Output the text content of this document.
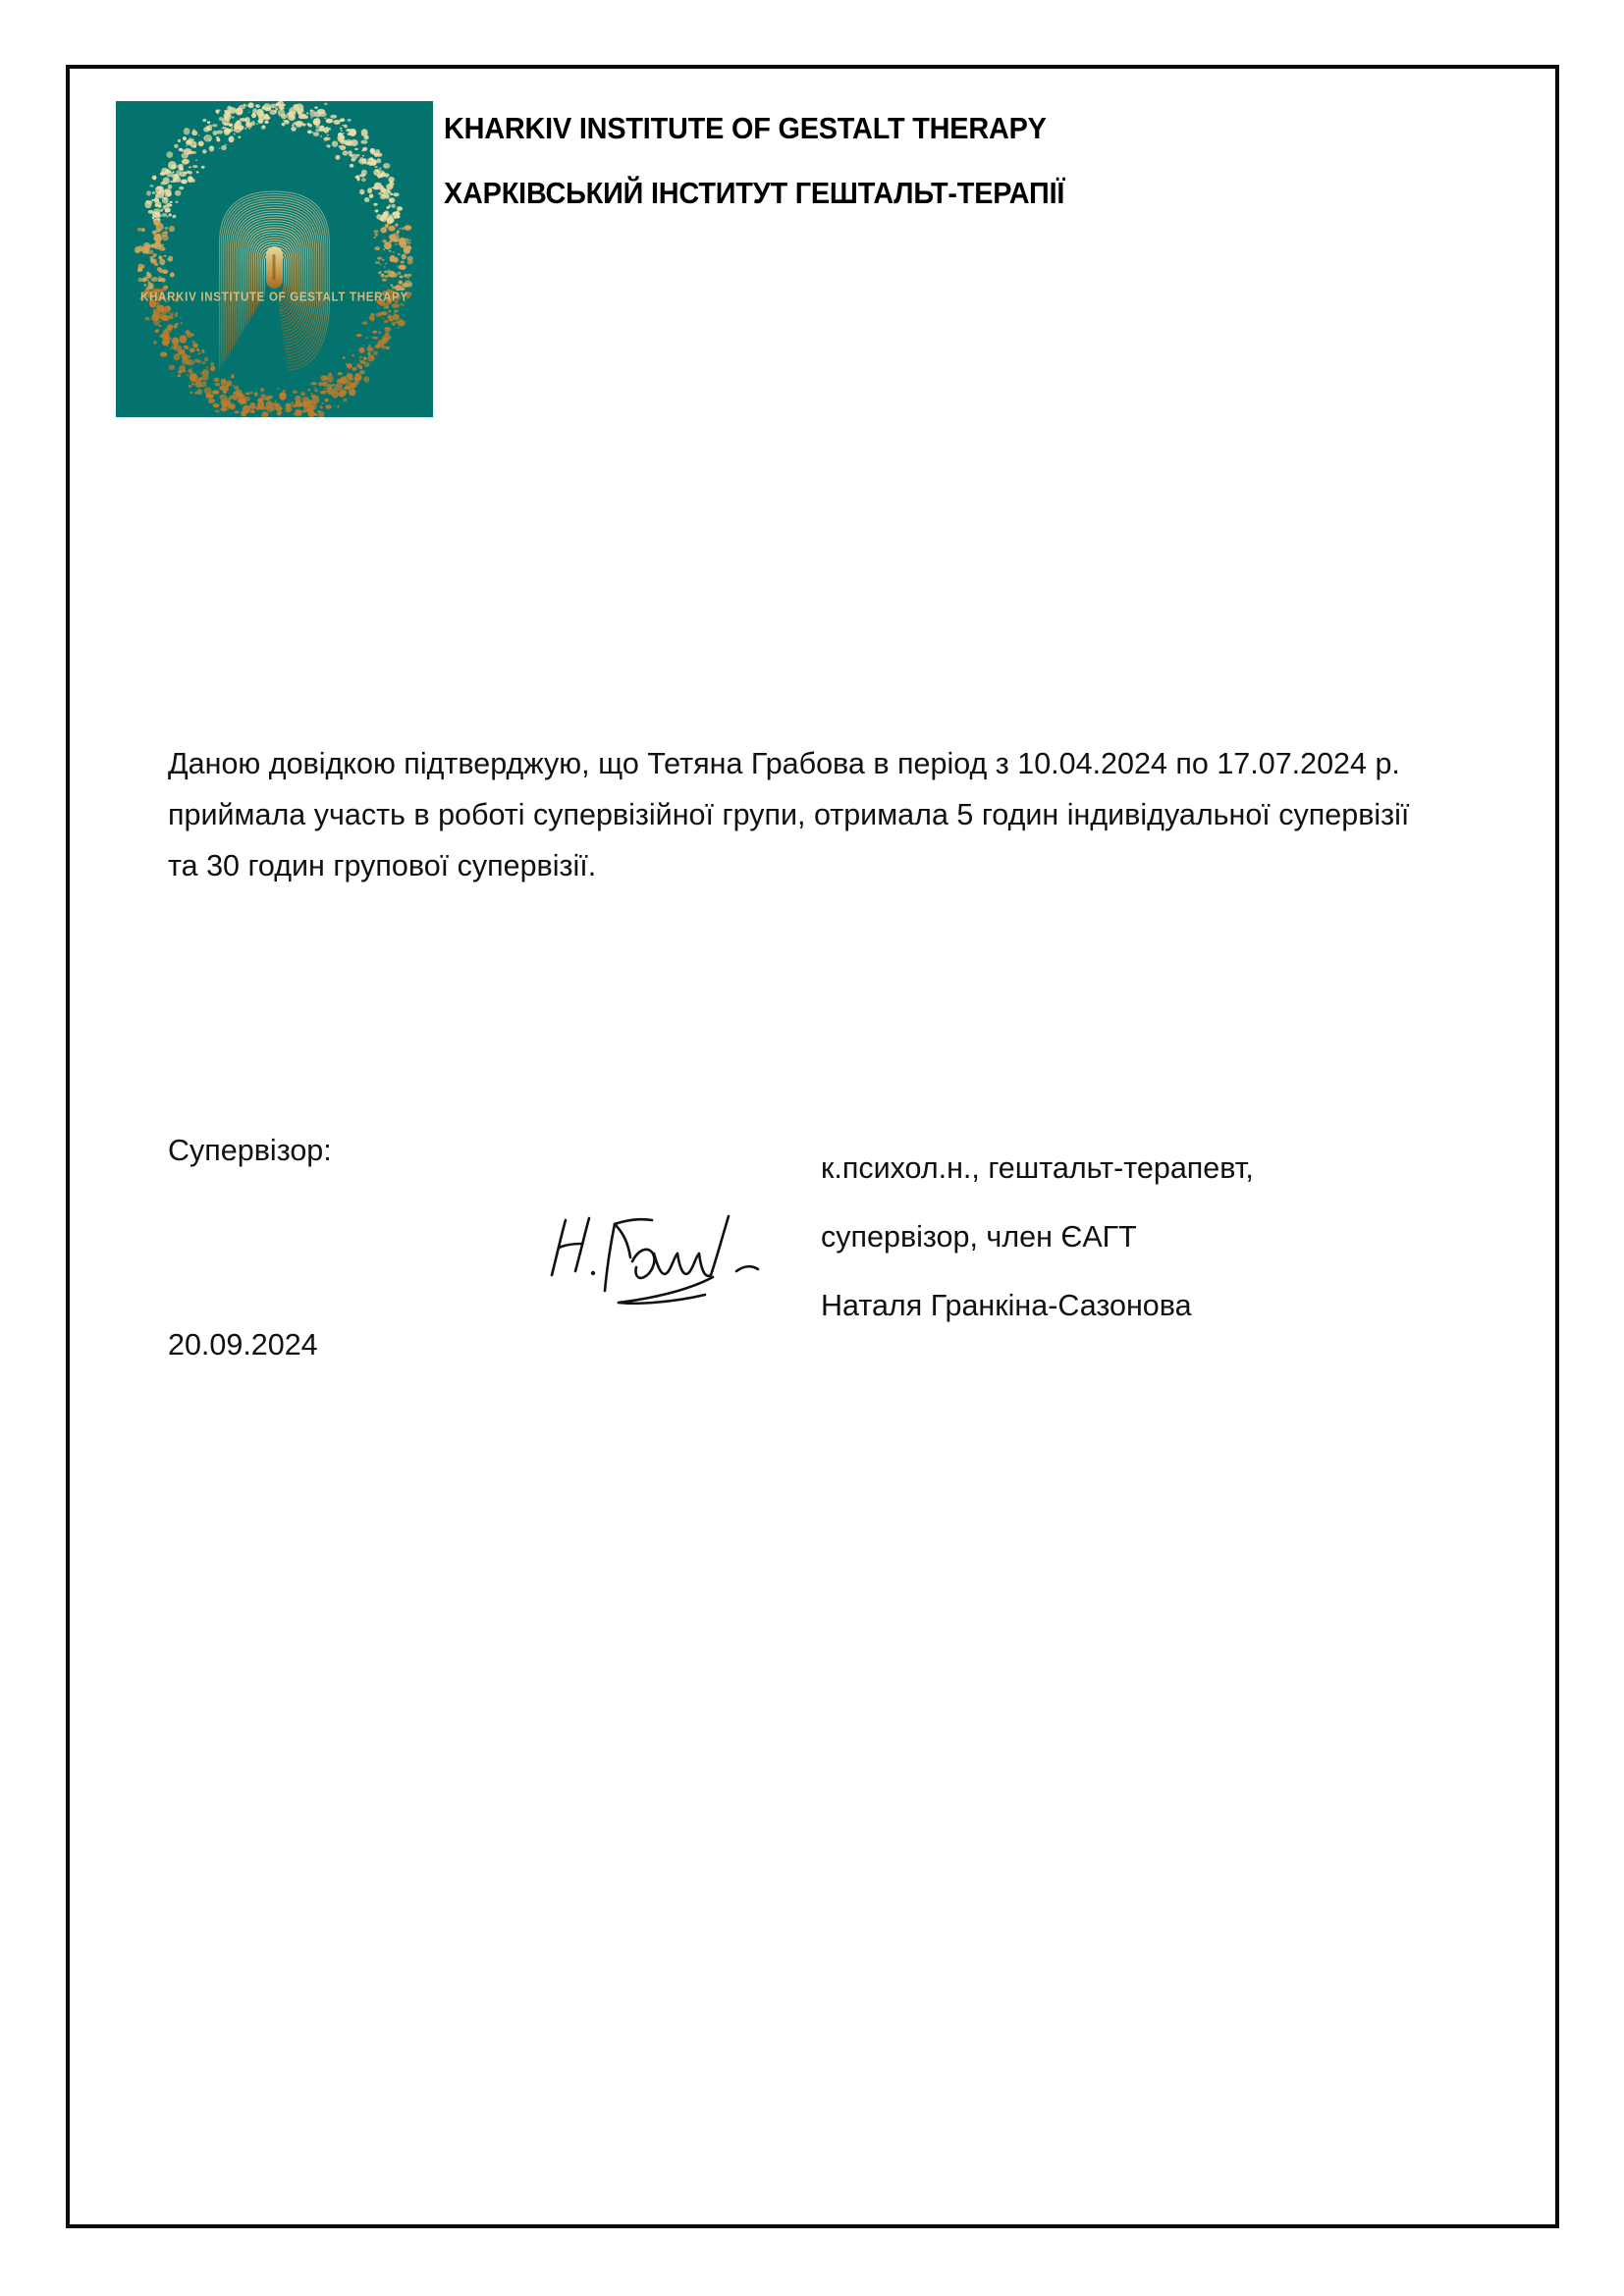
KHARKIV INSTITUTE OF GESTALT THERAPY
KHARKIV INSTITUTE OF GESTALT THERAPY
ХАРКІВСЬКИЙ ІНСТИТУТ ГЕШТАЛЬТ-ТЕРАПІЇ
Даною довідкою підтверджую, що Тетяна Грабова в період з 10.04.2024 по 17.07.2024 р. приймала участь в роботі супервізійної групи, отримала 5 годин індивідуальної супервізії та 30 годин групової супервізії.
Супервізор:
к.психол.н., гештальт-терапевт,
супервізор, член ЄАГТ
Наталя Гранкіна-Сазонова
20.09.2024
